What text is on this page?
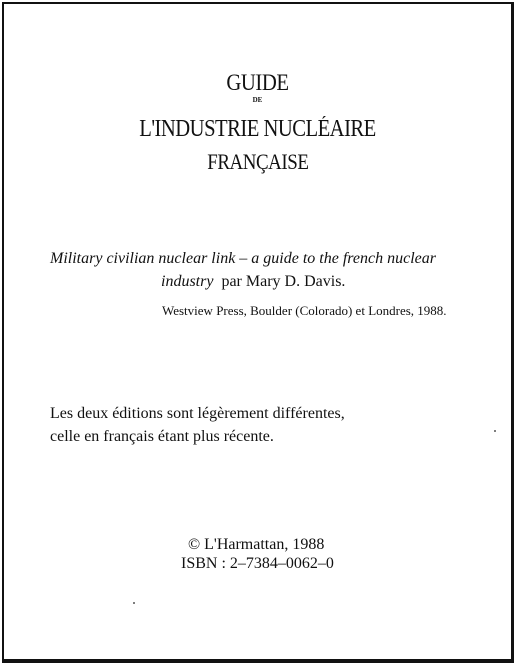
GUIDE
DE
L'INDUSTRIE NUCLÉAIRE
FRANÇAISE

Military civilian nuclear link – a guide to the french nuclear

industry par Mary D. Davis.

Westview Press, Boulder (Colorado) et Londres, 1988.

Les deux éditions sont légèrement différentes,

celle en français étant plus récente.

© L'Harmattan, 1988

ISBN : 2–7384–0062–0
